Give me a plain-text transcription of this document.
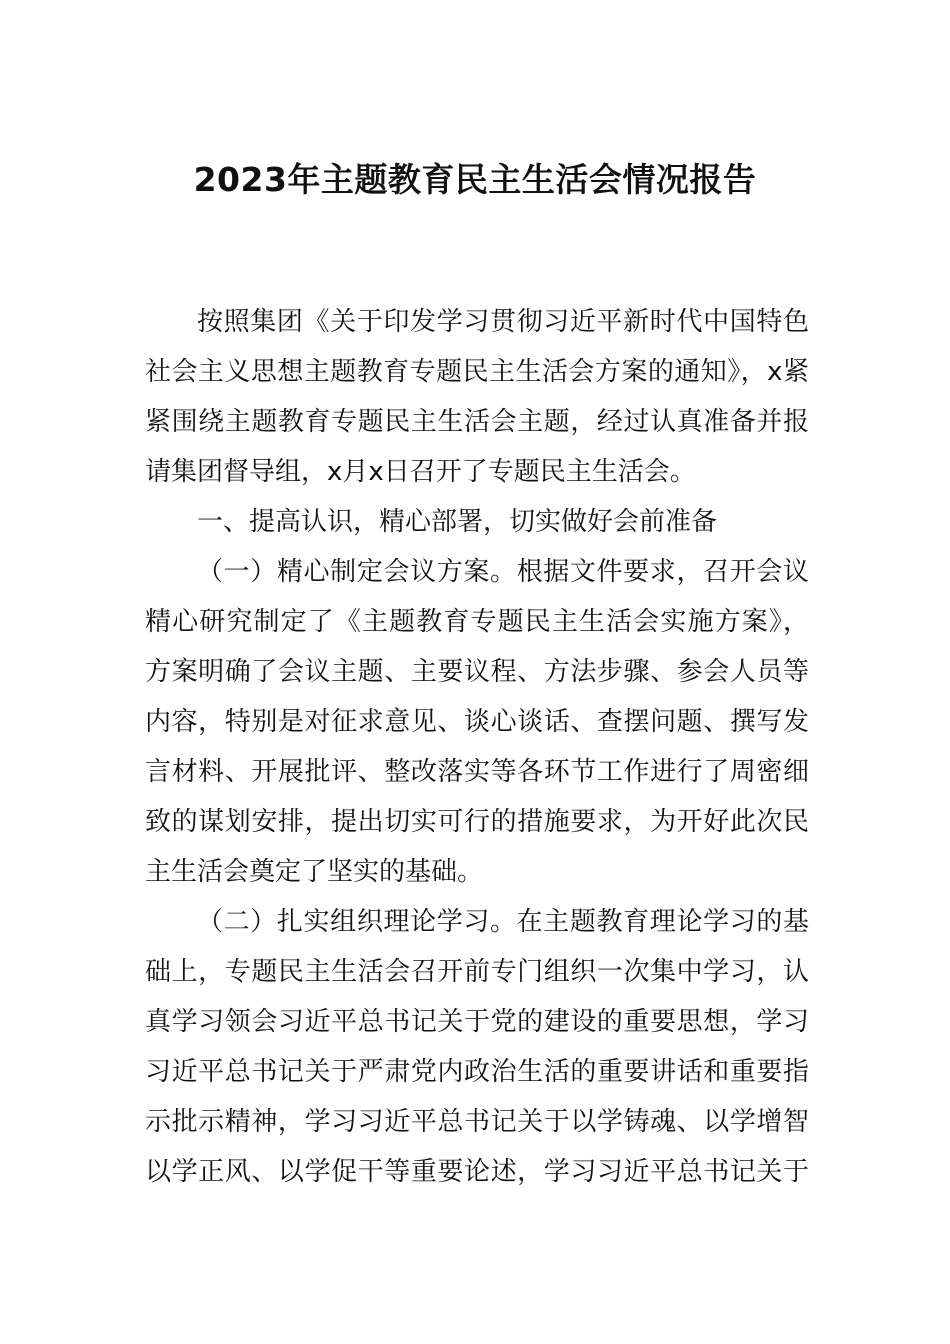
2023年主题教育民主生活会情况报告
按照集团《关于印发学习贯彻习近平新时代中国特色
社会主义思想主题教育专题民主生活会方案的通知》，x紧
紧围绕主题教育专题民主生活会主题，经过认真准备并报
请集团督导组，x月x日召开了专题民主生活会。
一、提高认识，精心部署，切实做好会前准备
（一）精心制定会议方案。根据文件要求，召开会议
精心研究制定了《主题教育专题民主生活会实施方案》，
方案明确了会议主题、主要议程、方法步骤、参会人员等
内容，特别是对征求意见、谈心谈话、查摆问题、撰写发
言材料、开展批评、整改落实等各环节工作进行了周密细
致的谋划安排，提出切实可行的措施要求，为开好此次民
主生活会奠定了坚实的基础。
（二）扎实组织理论学习。在主题教育理论学习的基
础上，专题民主生活会召开前专门组织一次集中学习，认
真学习领会习近平总书记关于党的建设的重要思想，学习
习近平总书记关于严肃党内政治生活的重要讲话和重要指
示批示精神，学习习近平总书记关于以学铸魂、以学增智
以学正风、以学促干等重要论述，学习习近平总书记关于
